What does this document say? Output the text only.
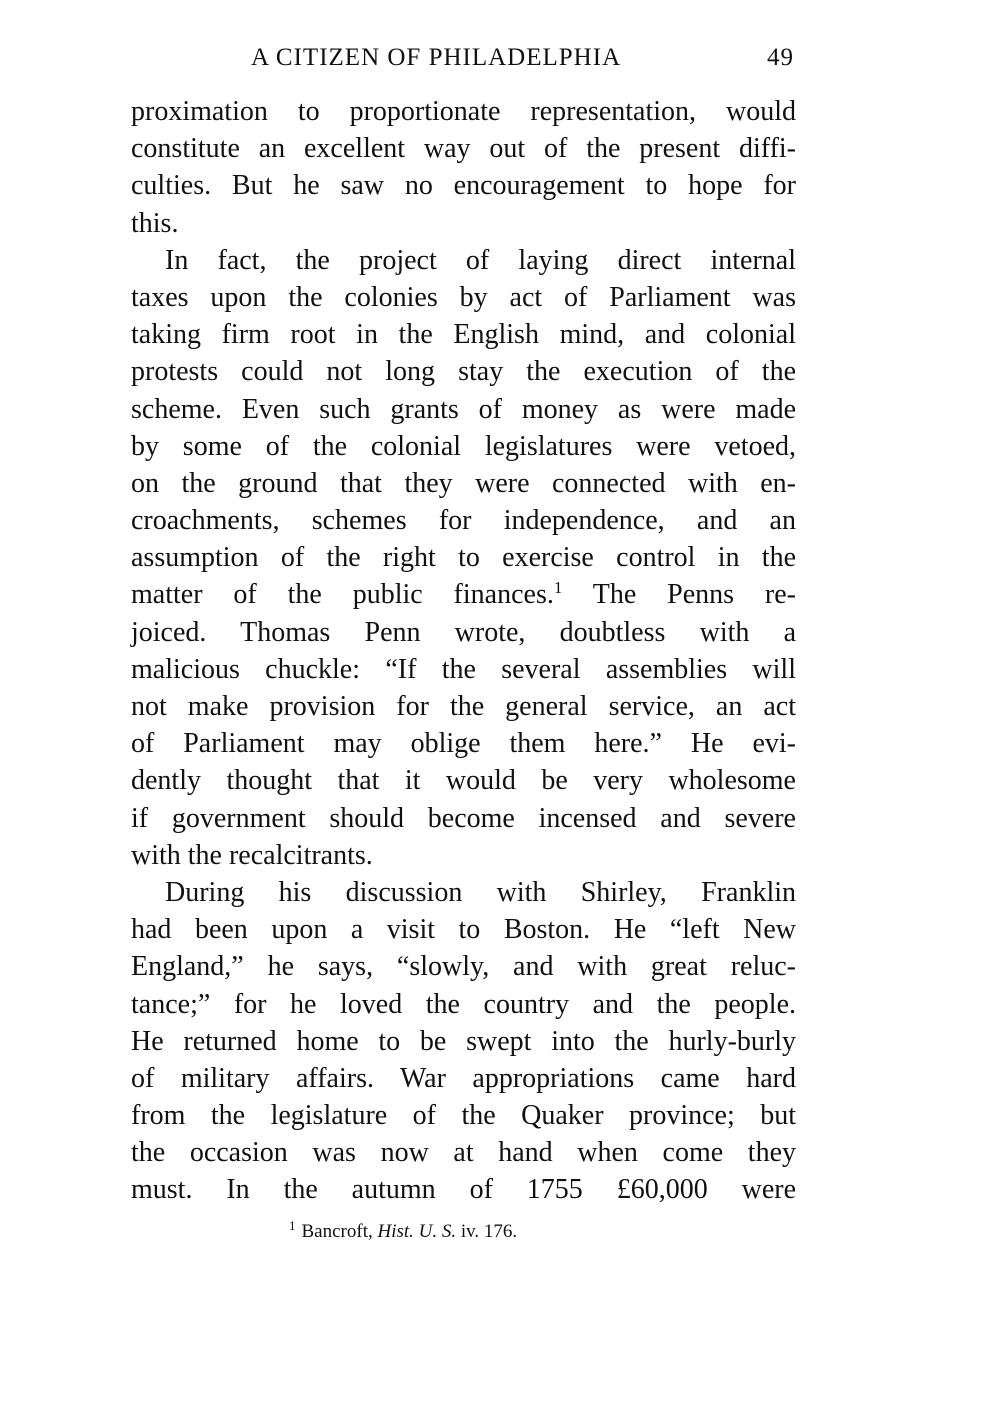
A CITIZEN OF PHILADELPHIA	49
proximation to proportionate representation, would
constitute an excellent way out of the present diffi-
culties. But he saw no encouragement to hope for
this.
In fact, the project of laying direct internal
taxes upon the colonies by act of Parliament was
taking firm root in the English mind, and colonial
protests could not long stay the execution of the
scheme. Even such grants of money as were made
by some of the colonial legislatures were vetoed,
on the ground that they were connected with en-
croachments, schemes for independence, and an
assumption of the right to exercise control in the
matter of the public finances.$^1$ The Penns re-
joiced. Thomas Penn wrote, doubtless with a
malicious chuckle: “If the several assemblies will
not make provision for the general service, an act
of Parliament may oblige them here.” He evi-
dently thought that it would be very wholesome
if government should become incensed and severe
with the recalcitrants.
During his discussion with Shirley, Franklin
had been upon a visit to Boston. He “left New
England,” he says, “slowly, and with great reluc-
tance;” for he loved the country and the people.
He returned home to be swept into the hurly-burly
of military affairs. War appropriations came hard
from the legislature of the Quaker province; but
the occasion was now at hand when come they
must. In the autumn of 1755 £60,000 were
$^1$ Bancroft, Hist. U. S. iv. 176.
